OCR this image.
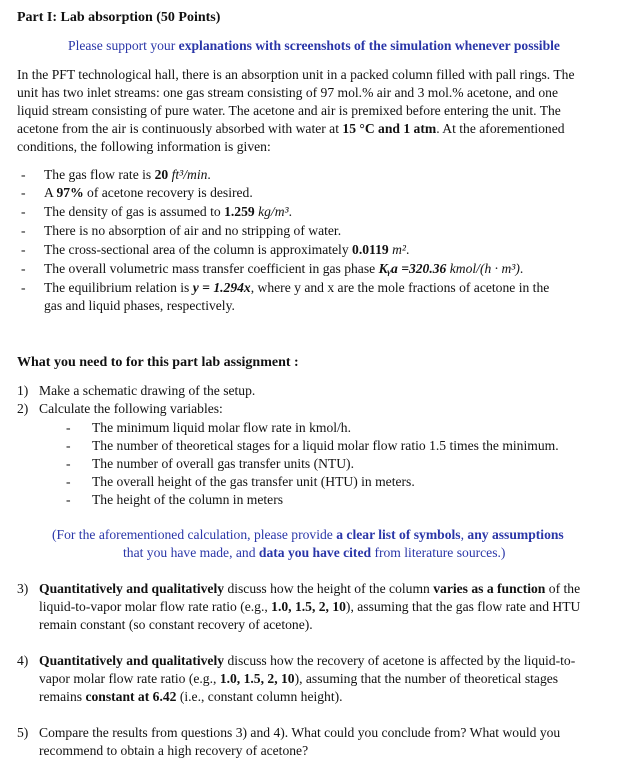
Part I: Lab absorption (50 Points)
Please support your explanations with screenshots of the simulation whenever possible
In the PFT technological hall, there is an absorption unit in a packed column filled with pall rings. The
unit has two inlet streams: one gas stream consisting of 97 mol.% air and 3 mol.% acetone, and one
liquid stream consisting of pure water. The acetone and air is premixed before entering the unit. The
acetone from the air is continuously absorbed with water at 15 °C and 1 atm. At the aforementioned
conditions, the following information is given:
- The gas flow rate is 20 ft³/min.
- A 97% of acetone recovery is desired.
- The density of gas is assumed to 1.259 kg/m³.
- There is no absorption of air and no stripping of water.
- The cross-sectional area of the column is approximately 0.0119 m².
- The overall volumetric mass transfer coefficient in gas phase Kᵧa =320.36 kmol/(h · m³).
- The equilibrium relation is y = 1.294x, where y and x are the mole fractions of acetone in the
gas and liquid phases, respectively.
What you need to for this part lab assignment :
1) Make a schematic drawing of the setup.
2) Calculate the following variables:
- The minimum liquid molar flow rate in kmol/h.
- The number of theoretical stages for a liquid molar flow ratio 1.5 times the minimum.
- The number of overall gas transfer units (NTU).
- The overall height of the gas transfer unit (HTU) in meters.
- The height of the column in meters
(For the aforementioned calculation, please provide a clear list of symbols, any assumptions
that you have made, and data you have cited from literature sources.)
3) Quantitatively and qualitatively discuss how the height of the column varies as a function of the
liquid-to-vapor molar flow rate ratio (e.g., 1.0, 1.5, 2, 10), assuming that the gas flow rate and HTU
remain constant (so constant recovery of acetone).
4) Quantitatively and qualitatively discuss how the recovery of acetone is affected by the liquid-to-
vapor molar flow rate ratio (e.g., 1.0, 1.5, 2, 10), assuming that the number of theoretical stages
remains constant at 6.42 (i.e., constant column height).
5) Compare the results from questions 3) and 4). What could you conclude from? What would you
recommend to obtain a high recovery of acetone?
